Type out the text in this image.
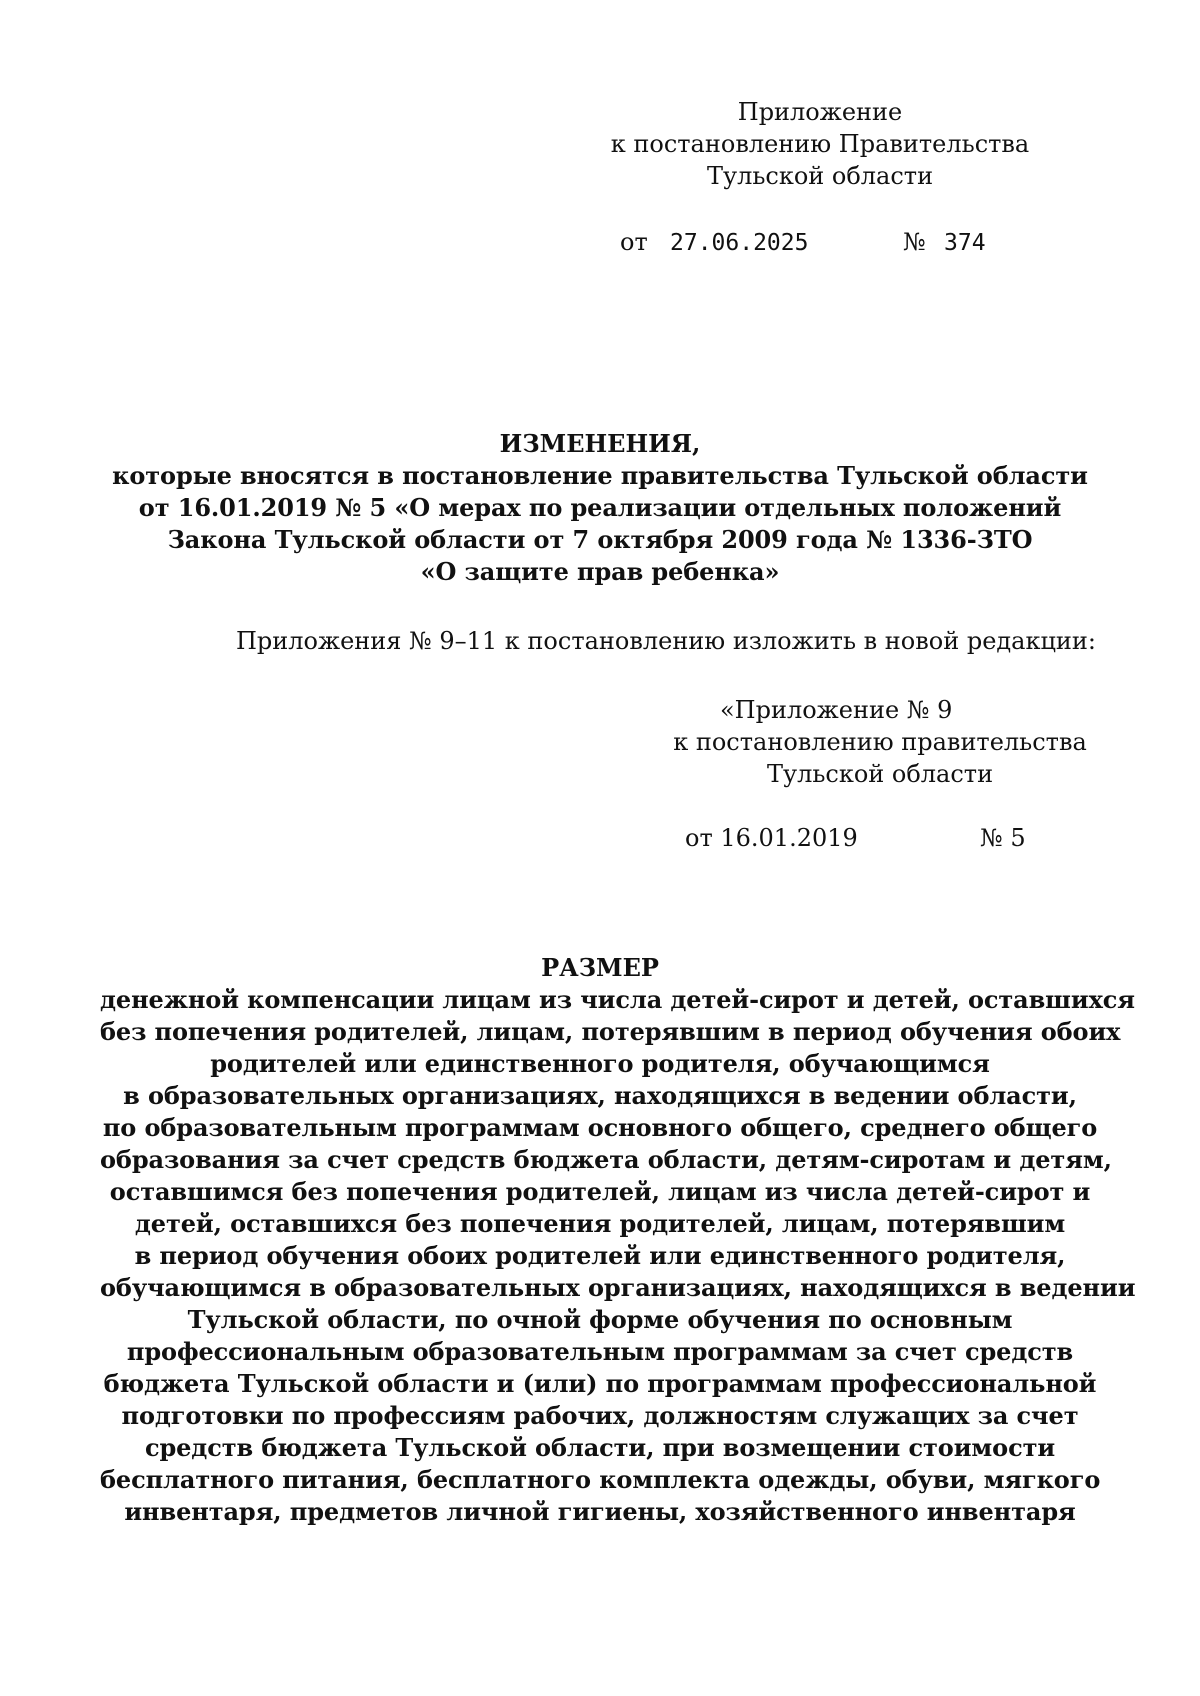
Приложение
к постановлению Правительства
Тульской области
от 27.06.2025	№ 374
ИЗМЕНЕНИЯ,
которые вносятся в постановление правительства Тульской области
от 16.01.2019 № 5 «О мерах по реализации отдельных положений
Закона Тульской области от 7 октября 2009 года № 1336-ЗТО
«О защите прав ребенка»
Приложения № 9–11 к постановлению изложить в новой редакции:
«Приложение № 9
к постановлению правительства
Тульской области
от 16.01.2019	№ 5
РАЗМЕР
денежной компенсации лицам из числа детей-сирот и детей, оставшихся
без попечения родителей, лицам, потерявшим в период обучения обоих
родителей или единственного родителя, обучающимся
в образовательных организациях, находящихся в ведении области,
по образовательным программам основного общего, среднего общего
образования за счет средств бюджета области, детям-сиротам и детям,
оставшимся без попечения родителей, лицам из числа детей-сирот и
детей, оставшихся без попечения родителей, лицам, потерявшим
в период обучения обоих родителей или единственного родителя,
обучающимся в образовательных организациях, находящихся в ведении
Тульской области, по очной форме обучения по основным
профессиональным образовательным программам за счет средств
бюджета Тульской области и (или) по программам профессиональной
подготовки по профессиям рабочих, должностям служащих за счет
средств бюджета Тульской области, при возмещении стоимости
бесплатного питания, бесплатного комплекта одежды, обуви, мягкого
инвентаря, предметов личной гигиены, хозяйственного инвентаря
